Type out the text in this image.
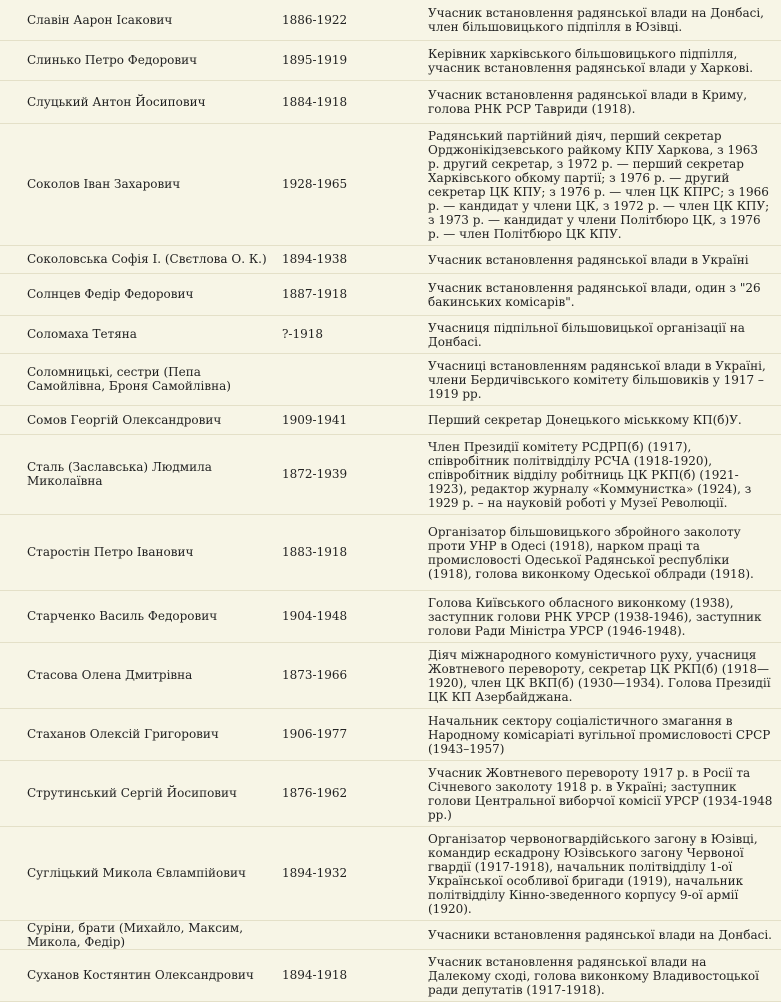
Славін Аарон Ісакович	1886-1922	Учасник встановлення радянської влади на Донбасі, член більшовицького підпілля в Юзівці.

Слинько Петро Федорович	1895-1919	Керівник харківського більшовицького підпілля, учасник встановлення радянської влади у Харкові.

Слуцький Антон Йосипович	1884-1918	Учасник встановлення радянської влади в Криму, голова РНК РСР Тавриди (1918).

Соколов Іван Захарович	1928-1965	Радянський партійний діяч, перший секретар Орджонікідзевського райкому КПУ Харкова, з 1963 р. другий секретар, з 1972 р. — перший секретар Харківського обкому партії; з 1976 р. — другий секретар ЦК КПУ; з 1976 р. — член ЦК КПРС; з 1966 р. — кандидат у члени ЦК, з 1972 р. — член ЦК КПУ; з 1973 р. — кандидат у члени Політбюро ЦК, з 1976 р. — член Політбюро ЦК КПУ.

Соколовська Софія І. (Свєтлова О. К.)	1894-1938	Учасник встановлення радянської влади в Україні

Солнцев Федір Федорович	1887-1918	Учасник встановлення радянської влади, один з "26 бакинських комісарів".

Соломаха Тетяна	?-1918	Учасниця підпільної більшовицької організації на Донбасі.

Соломницькі, сестри (Пепа Самойлівна, Броня Самойлівна)		Учасниці встановленням радянської влади в Україні, члени Бердичівського комітету більшовиків у 1917 – 1919 рр.

Сомов Георгій Олександрович	1909-1941	Перший секретар Донецького міськкому КП(б)У.

Сталь (Заславська) Людмила Миколаївна	1872-1939	Член Президії комітету РСДРП(б) (1917), співробітник політвідділу РСЧА (1918-1920), співробітник відділу робітниць ЦК РКП(б) (1921-1923), редактор журналу «Коммунистка» (1924), з 1929 р. – на науковій роботі у Музеї Революції.

Старостін Петро Іванович	1883-1918	Організатор більшовицького збройного заколоту проти УНР в Одесі (1918), нарком праці та промисловості Одеської Радянської республіки (1918), голова виконкому Одеської облради (1918).

Старченко Василь Федорович	1904-1948	Голова Київського обласного виконкому (1938), заступник голови РНК УРСР (1938-1946), заступник голови Ради Міністра УРСР (1946-1948).

Стасова Олена Дмитрівна	1873-1966	Діяч міжнародного комуністичного руху, учасниця Жовтневого перевороту, секретар ЦК РКП(б) (1918—1920), член ЦК ВКП(б) (1930—1934). Голова Президії ЦК КП Азербайджана.

Стаханов Олексій Григорович	1906-1977	Начальник сектору соціалістичного змагання в Народному комісаріаті вугільної промисловості СРСР (1943–1957)

Струтинський Сергій Йосипович	1876-1962	Учасник Жовтневого перевороту 1917 р. в Росії та Січневого заколоту 1918 р. в Україні; заступник голови Центральної виборчої комісії УРСР (1934-1948 рр.)

Сугліцький Микола Євлампійович	1894-1932	Організатор червоногвардійського загону в Юзівці, командир ескадрону Юзівського загону Червоної гвардії (1917-1918), начальник політвідділу 1-ої Української особливої бригади (1919), начальник політвідділу Кінно-зведенного корпусу 9-ої армії (1920).

Суріни, брати (Михайло, Максим, Микола, Федір)		Учасники встановлення радянської влади на Донбасі.

Суханов Костянтин Олександрович	1894-1918	Учасник встановлення радянської влади на Далекому сході, голова виконкому Владивостоцької ради депутатів (1917-1918).
